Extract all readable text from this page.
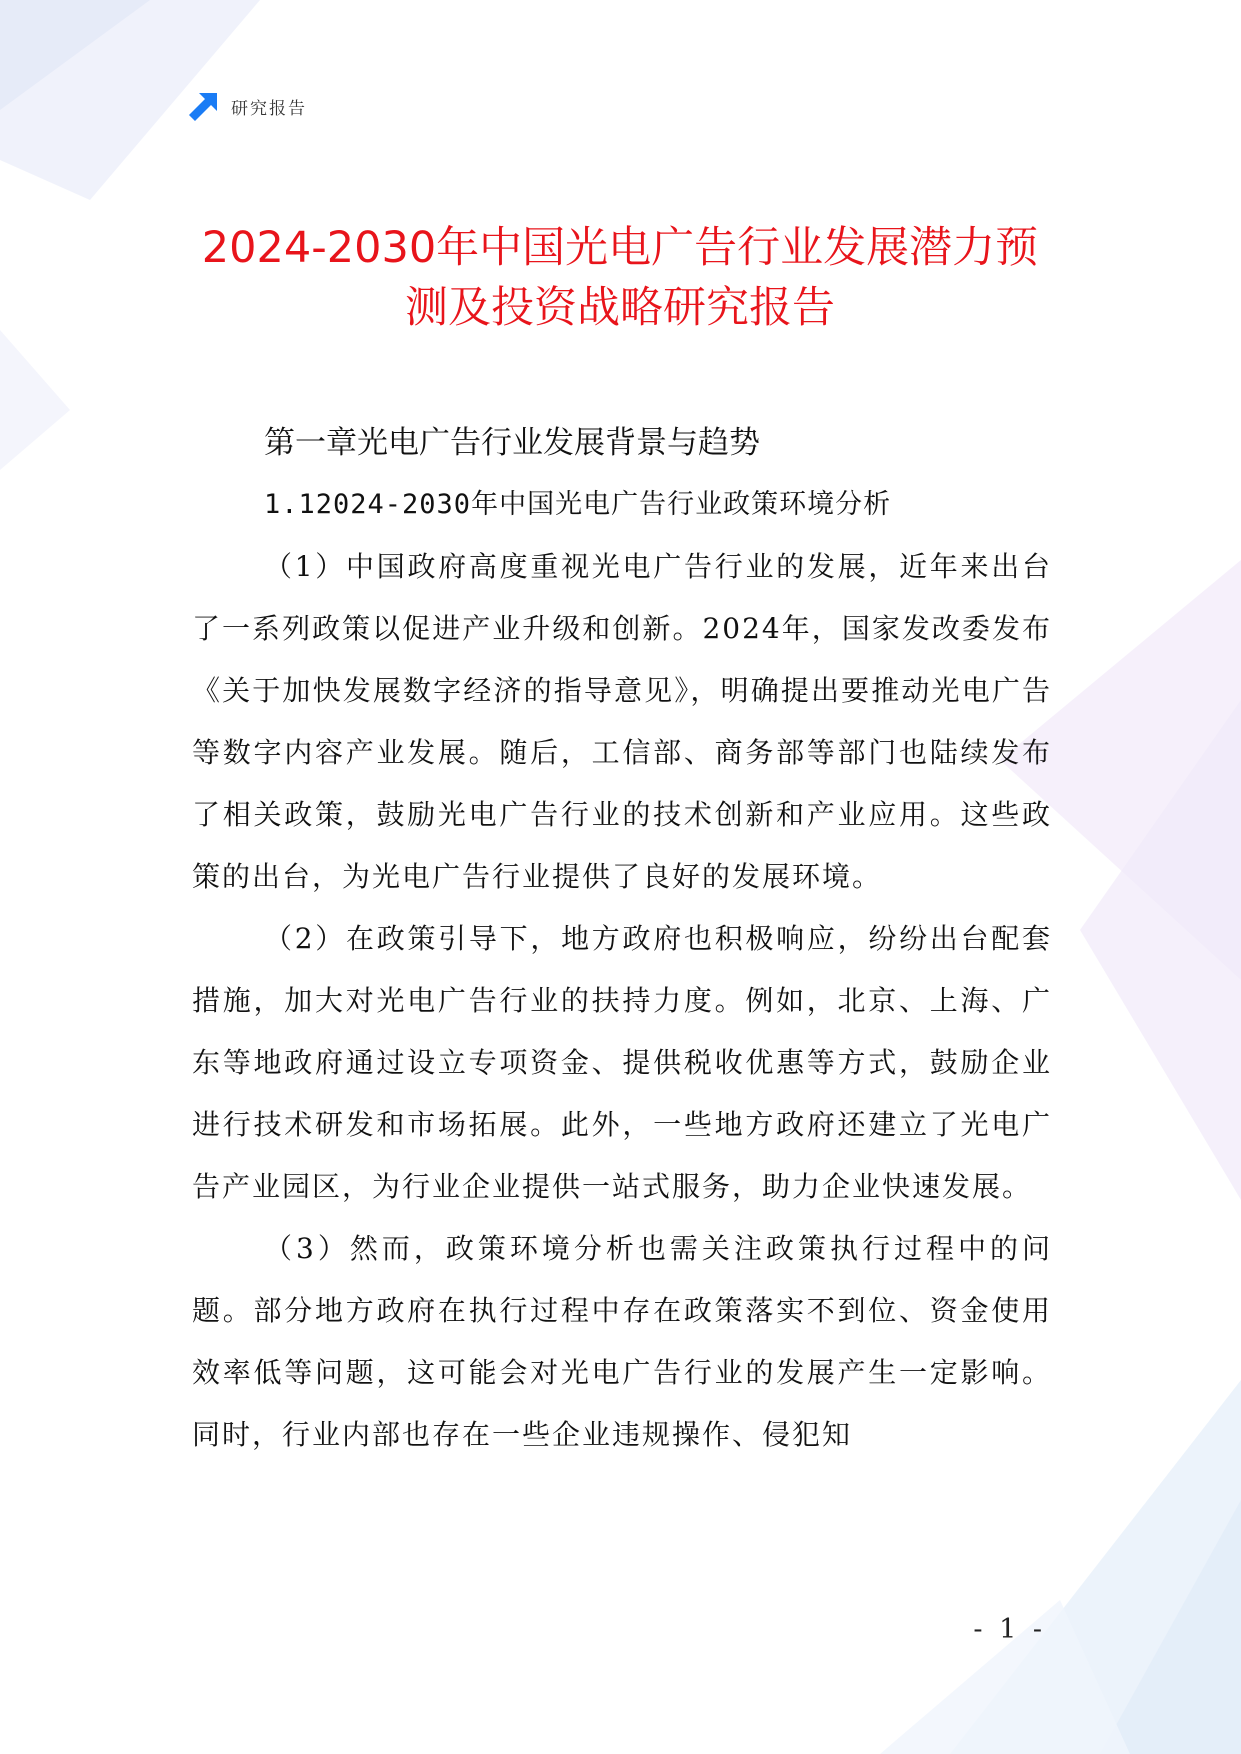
研究报告
2024-2030年中国光电广告行业发展潜力预
测及投资战略研究报告
第一章光电广告行业发展背景与趋势
1.12024-2030年中国光电广告行业政策环境分析

（1）中国政府高度重视光电广告行业的发展，近年来出台了一系列政策以促进产业升级和创新。2024年，国家发改委发布《关于加快发展数字经济的指导意见》，明确提出要推动光电广告等数字内容产业发展。随后，工信部、商务部等部门也陆续发布了相关政策，鼓励光电广告行业的技术创新和产业应用。这些政策的出台，为光电广告行业提供了良好的发展环境。

（2）在政策引导下，地方政府也积极响应，纷纷出台配套措施，加大对光电广告行业的扶持力度。例如，北京、上海、广东等地政府通过设立专项资金、提供税收优惠等方式，鼓励企业进行技术研发和市场拓展。此外，一些地方政府还建立了光电广告产业园区，为行业企业提供一站式服务，助力企业快速发展。

（3）然而，政策环境分析也需关注政策执行过程中的问题。部分地方政府在执行过程中存在政策落实不到位、资金使用效率低等问题，这可能会对光电广告行业的发展产生一定影响。同时，行业内部也存在一些企业违规操作、侵犯知

- 1 -
